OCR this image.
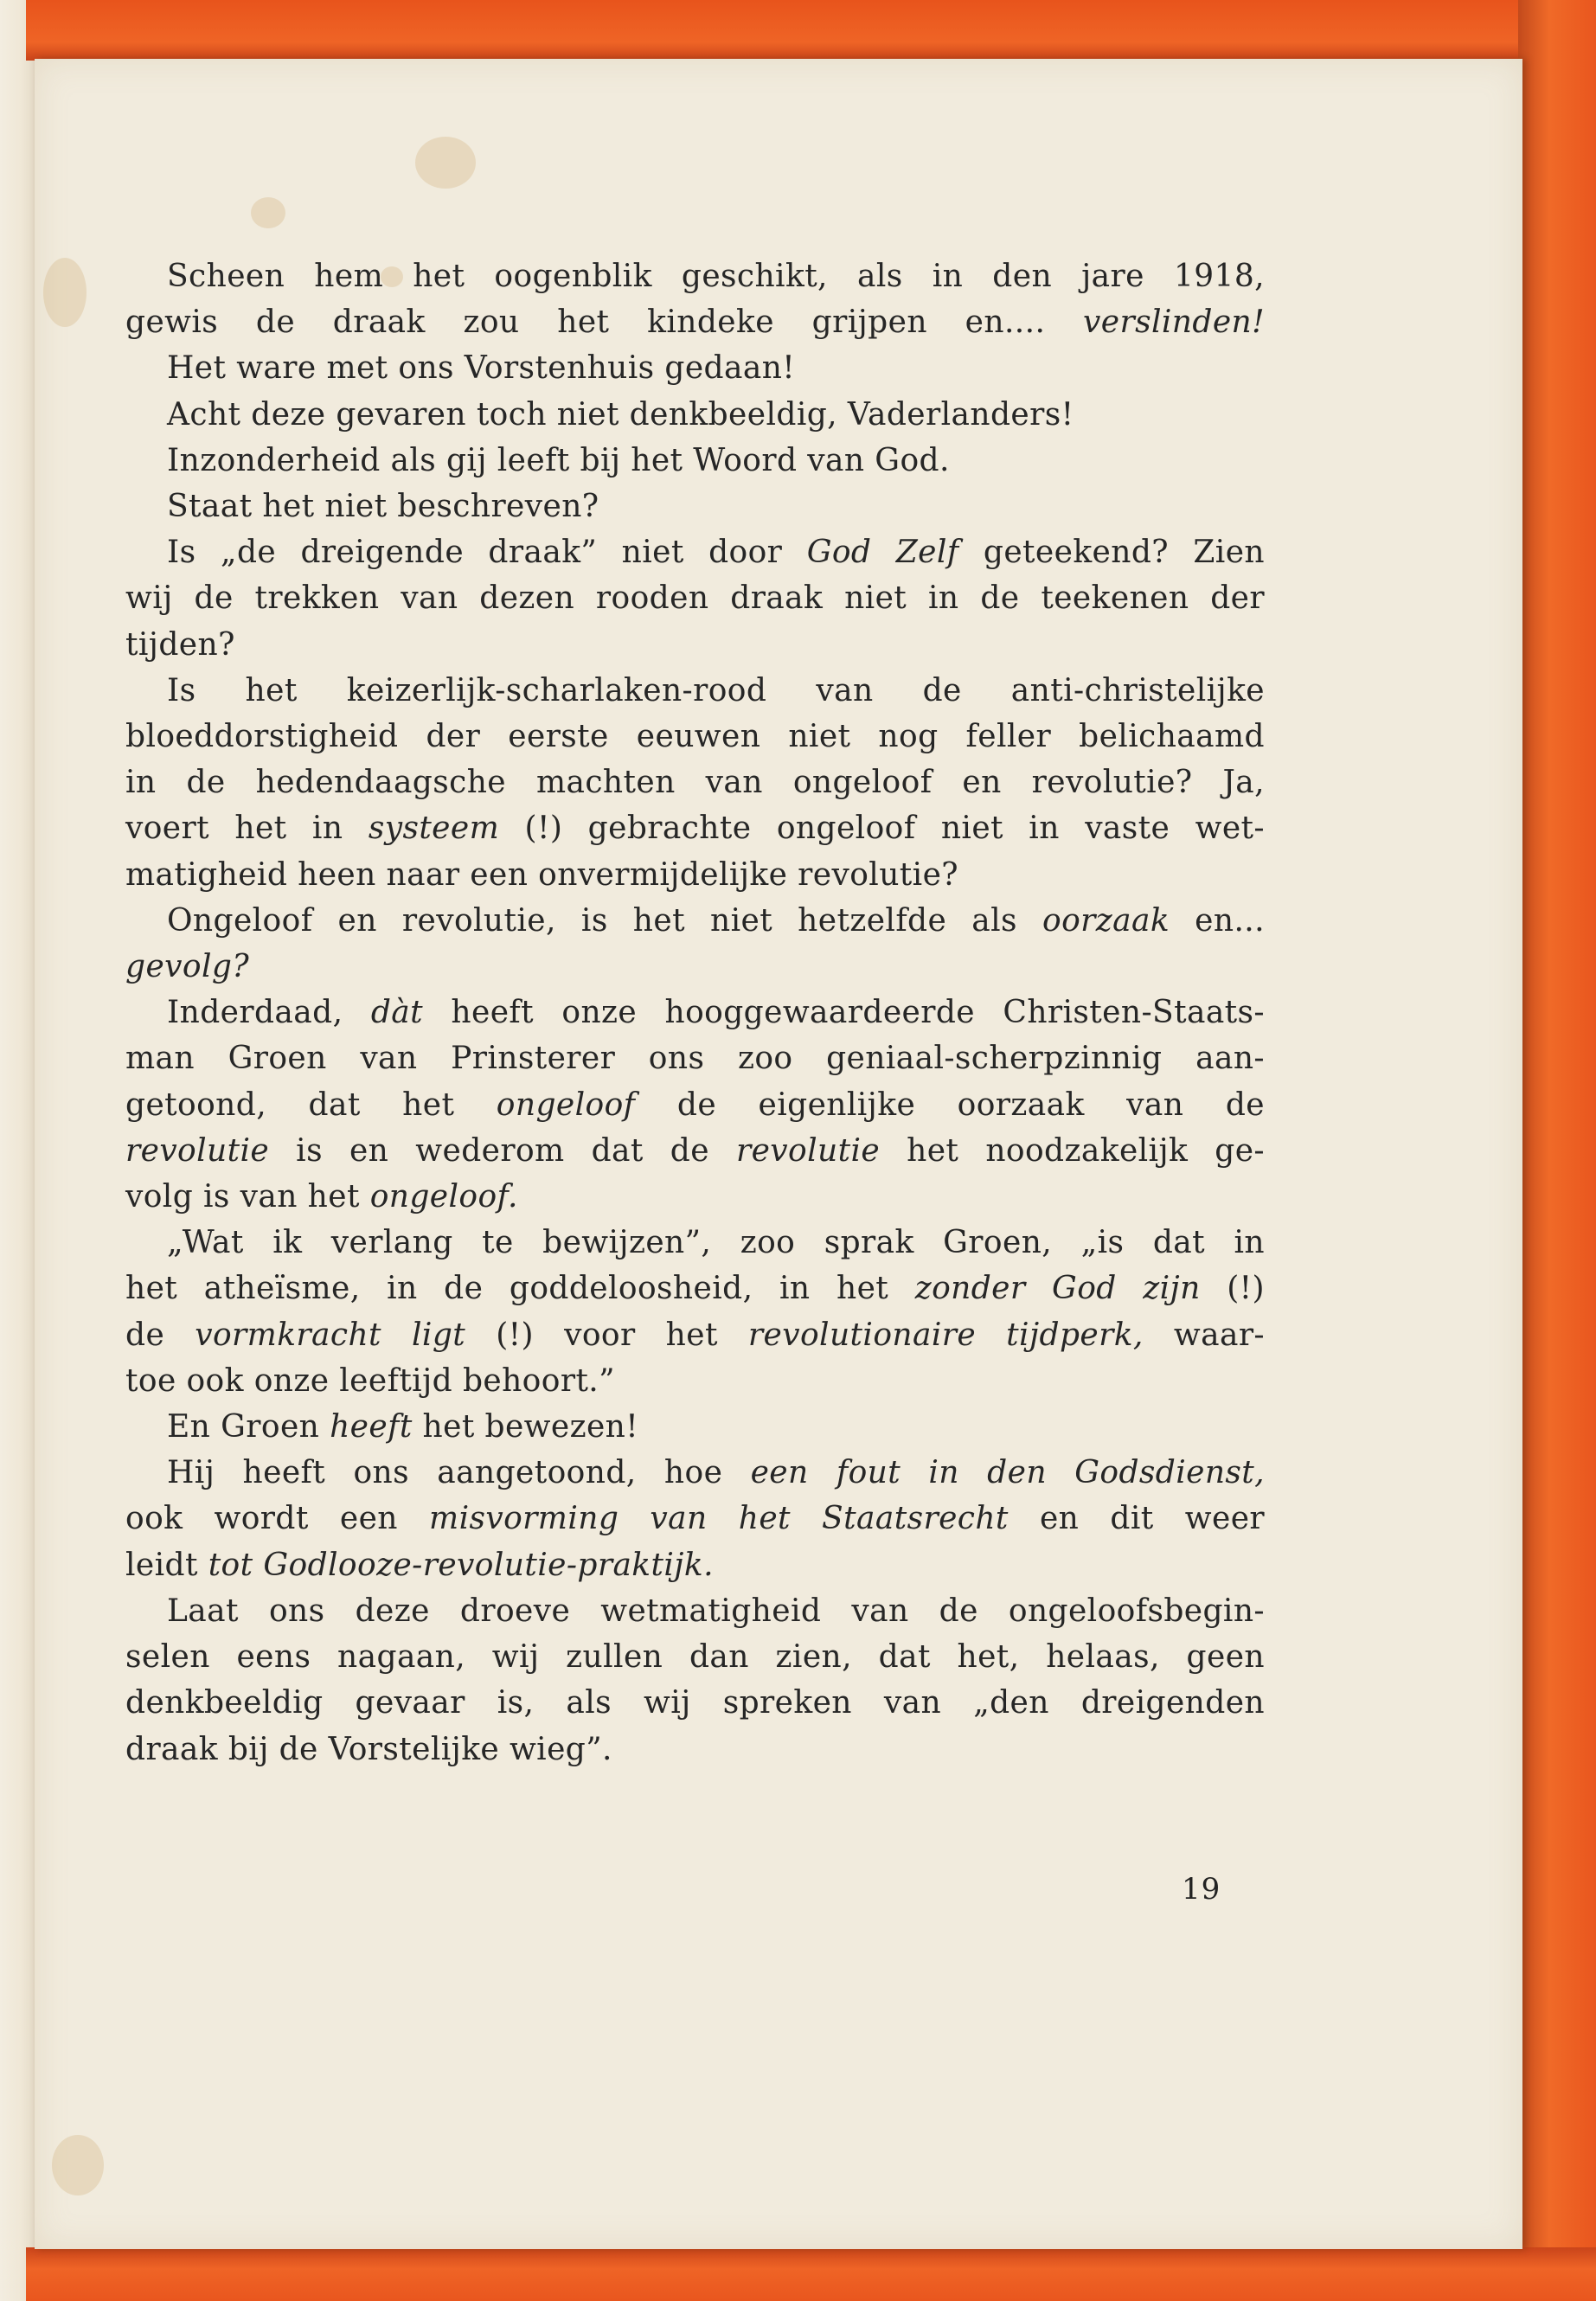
Scheen hem het oogenblik geschikt, als in den jare 1918,
gewis de draak zou het kindeke grijpen en.... verslinden!
Het ware met ons Vorstenhuis gedaan!
Acht deze gevaren toch niet denkbeeldig, Vaderlanders!
Inzonderheid als gij leeft bij het Woord van God.
Staat het niet beschreven?
Is „de dreigende draak” niet door God Zelf geteekend? Zien
wij de trekken van dezen rooden draak niet in de teekenen der
tijden?
Is het keizerlijk-scharlaken-rood van de anti-christelijke
bloeddorstigheid der eerste eeuwen niet nog feller belichaamd
in de hedendaagsche machten van ongeloof en revolutie? Ja,
voert het in systeem (!) gebrachte ongeloof niet in vaste wet-
matigheid heen naar een onvermijdelijke revolutie?
Ongeloof en revolutie, is het niet hetzelfde als oorzaak en...
gevolg?
Inderdaad, dàt heeft onze hooggewaardeerde Christen-Staats-
man Groen van Prinsterer ons zoo geniaal-scherpzinnig aan-
getoond, dat het ongeloof de eigenlijke oorzaak van de
revolutie is en wederom dat de revolutie het noodzakelijk ge-
volg is van het ongeloof.
„Wat ik verlang te bewijzen”, zoo sprak Groen, „is dat in
het atheïsme, in de goddeloosheid, in het zonder God zijn (!)
de vormkracht ligt (!) voor het revolutionaire tijdperk, waar-
toe ook onze leeftijd behoort.”
En Groen heeft het bewezen!
Hij heeft ons aangetoond, hoe een fout in den Godsdienst,
ook wordt een misvorming van het Staatsrecht en dit weer
leidt tot Godlooze-revolutie-praktijk.
Laat ons deze droeve wetmatigheid van de ongeloofsbegin-
selen eens nagaan, wij zullen dan zien, dat het, helaas, geen
denkbeeldig gevaar is, als wij spreken van „den dreigenden
draak bij de Vorstelijke wieg”.
19
